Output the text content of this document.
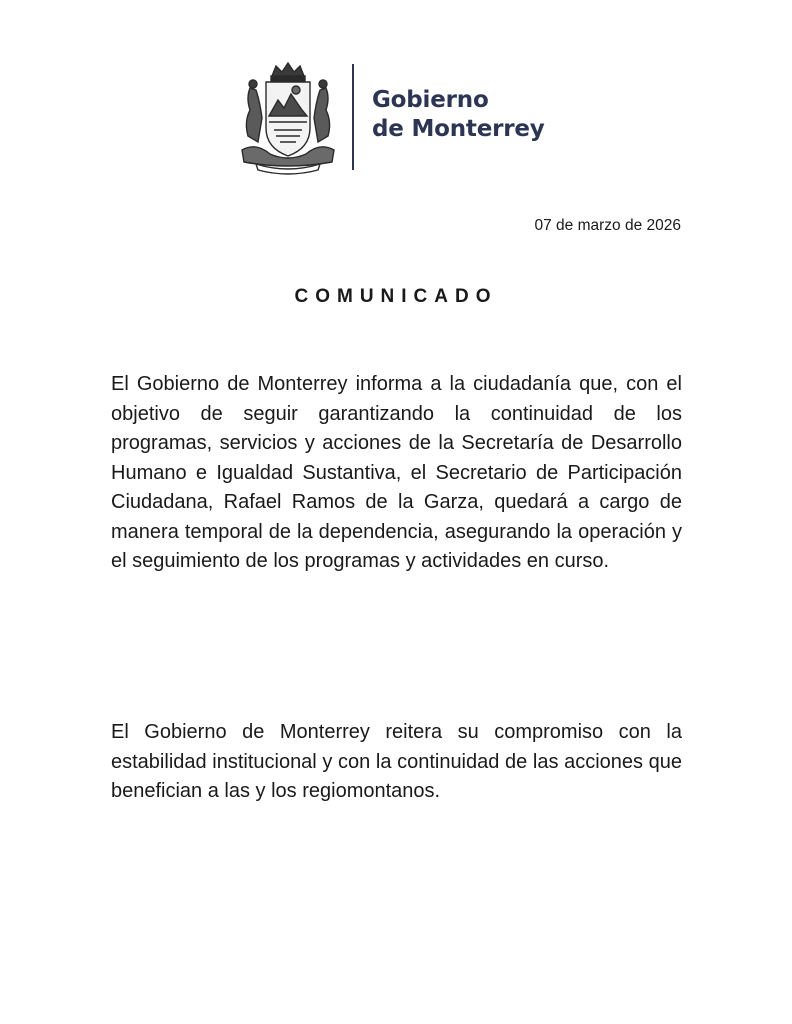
Gobierno
de Monterrey
07 de marzo de 2026
COMUNICADO
El Gobierno de Monterrey informa a la ciudadanía que, con el objetivo de seguir garantizando la continuidad de los programas, servicios y acciones de la Secretaría de Desarrollo Humano e Igualdad Sustantiva, el Secretario de Participación Ciudadana, Rafael Ramos de la Garza, quedará a cargo de manera temporal de la dependencia, asegurando la operación y el seguimiento de los programas y actividades en curso.
El Gobierno de Monterrey reitera su compromiso con la estabilidad institucional y con la continuidad de las acciones que benefician a las y los regiomontanos.
